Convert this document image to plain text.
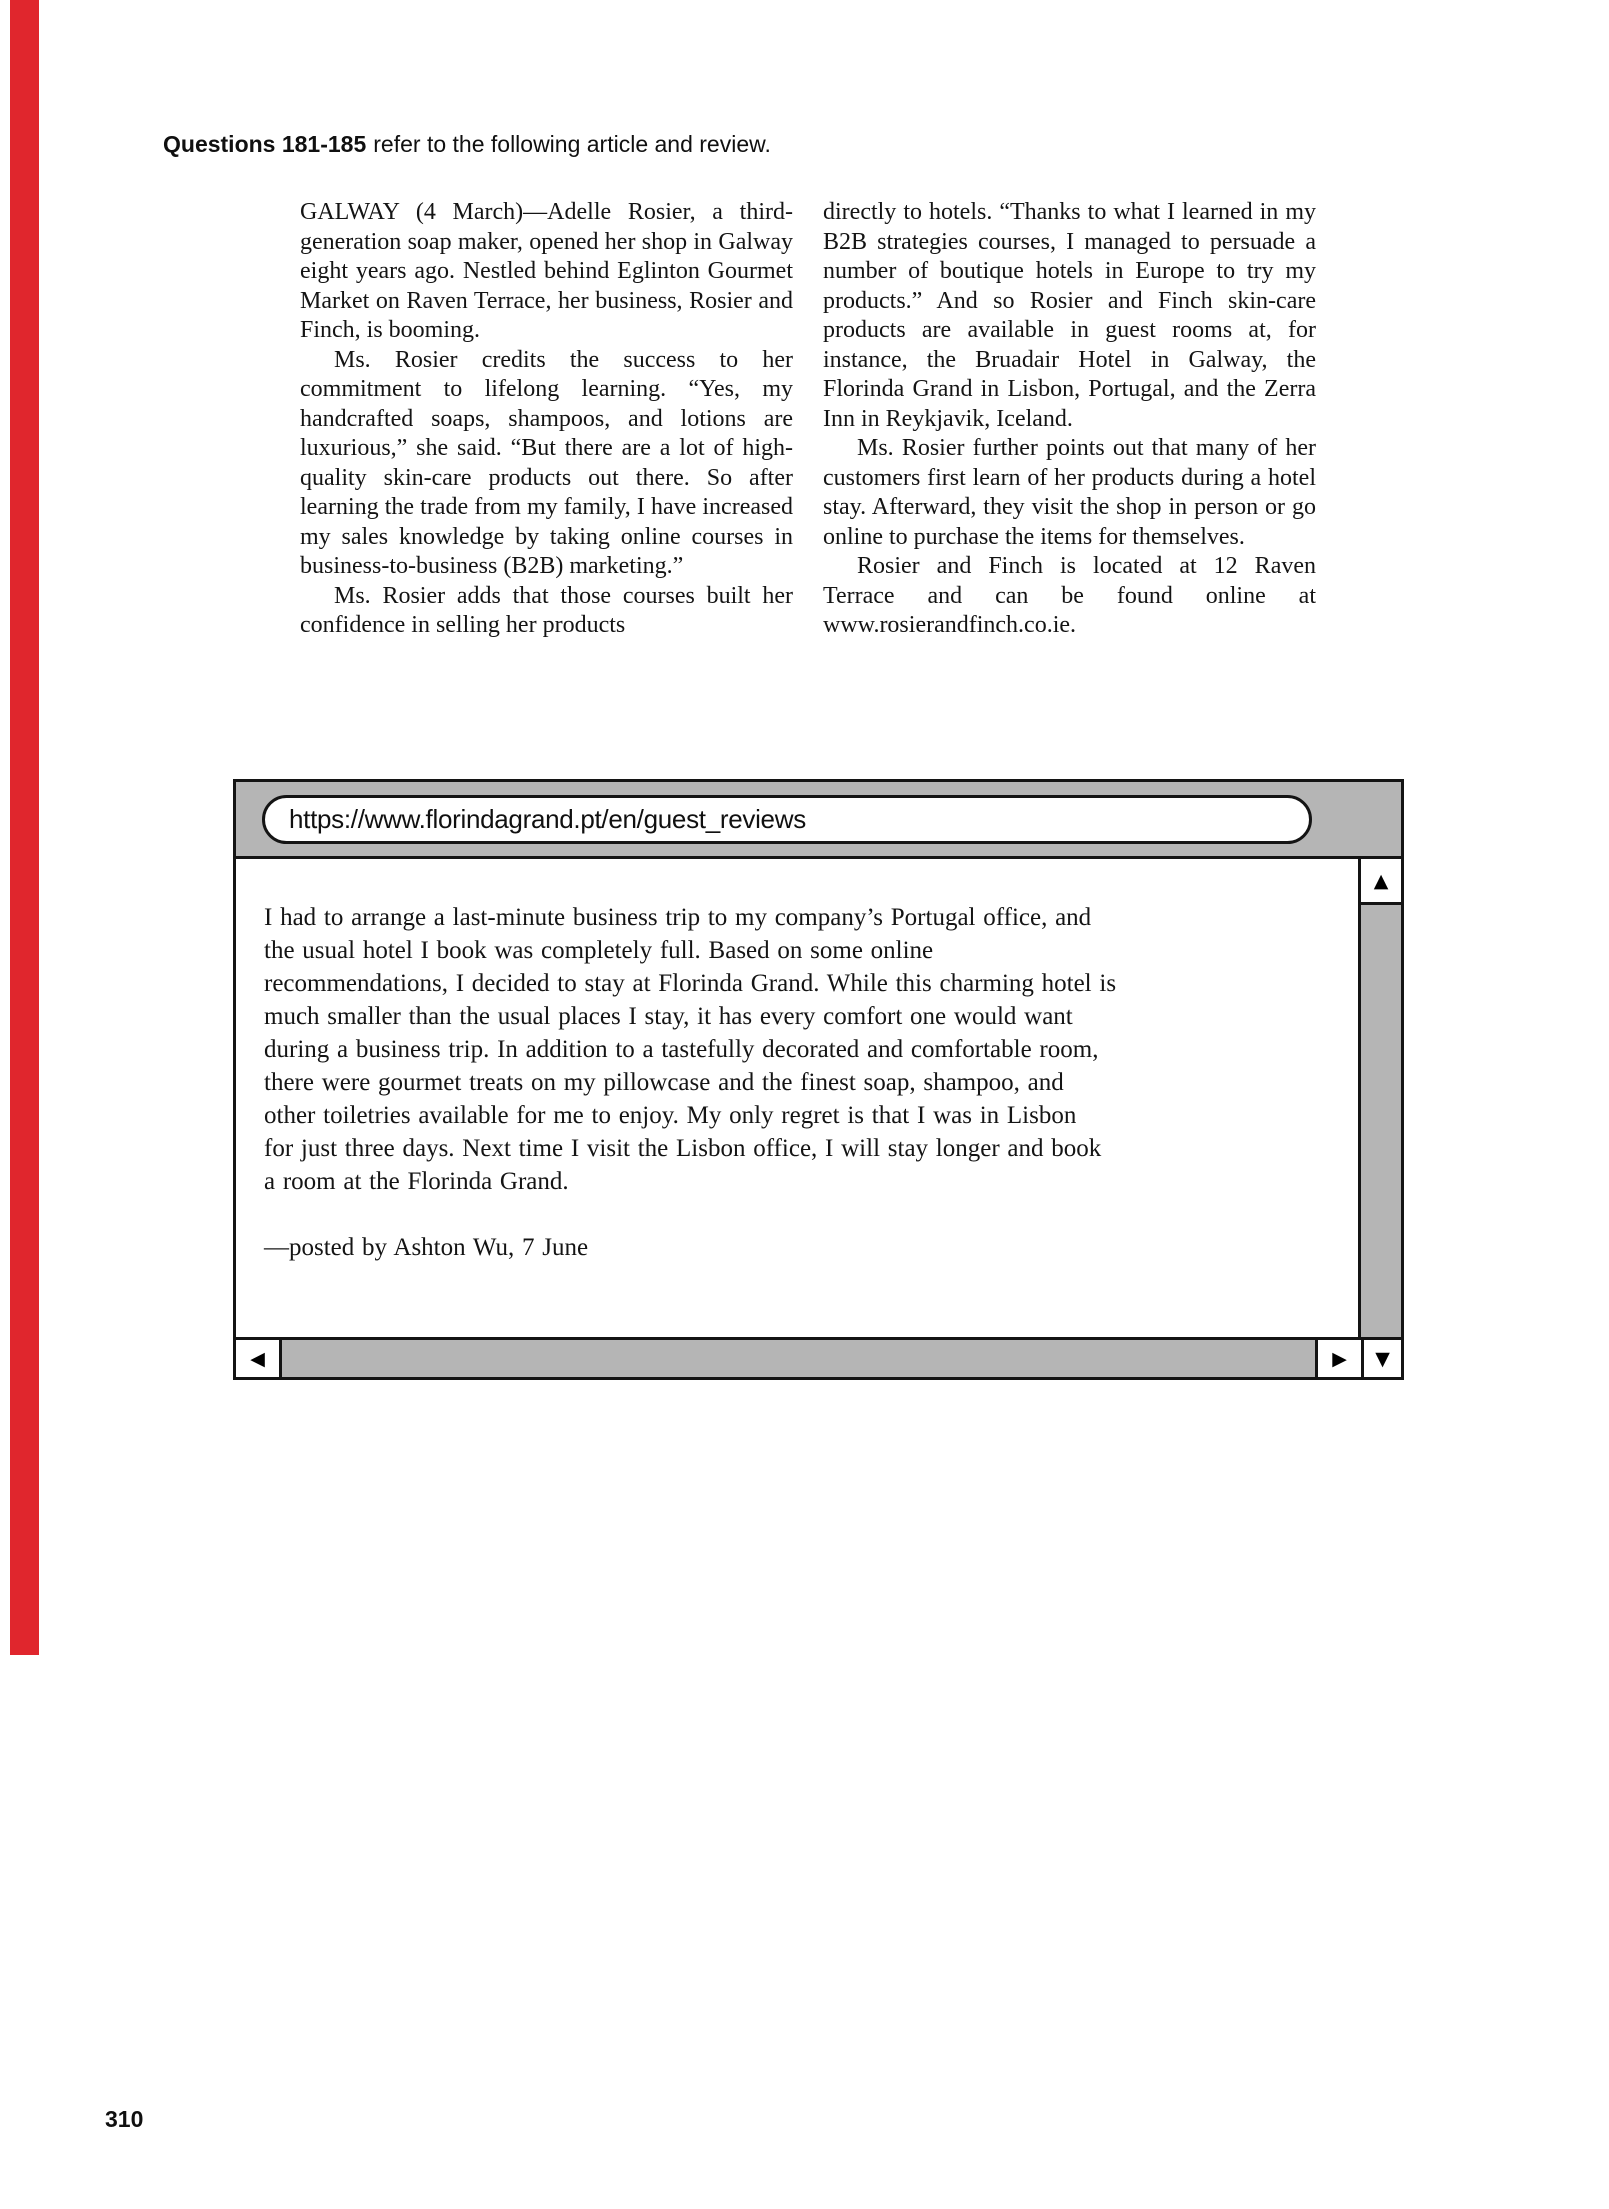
Questions 181-185 refer to the following article and review.

GALWAY (4 March)—Adelle Rosier, a third-generation soap maker, opened her shop in Galway eight years ago. Nestled behind Eglinton Gourmet Market on Raven Terrace, her business, Rosier and Finch, is booming.

Ms. Rosier credits the success to her commitment to lifelong learning. “Yes, my handcrafted soaps, shampoos, and lotions are luxurious,” she said. “But there are a lot of high-quality skin-care products out there. So after learning the trade from my family, I have increased my sales knowledge by taking online courses in business-to-business (B2B) marketing.”

Ms. Rosier adds that those courses built her confidence in selling her products

directly to hotels. “Thanks to what I learned in my B2B strategies courses, I managed to persuade a number of boutique hotels in Europe to try my products.” And so Rosier and Finch skin-care products are available in guest rooms at, for instance, the Bruadair Hotel in Galway, the Florinda Grand in Lisbon, Portugal, and the Zerra Inn in Reykjavik, Iceland.

Ms. Rosier further points out that many of her customers first learn of her products during a hotel stay. Afterward, they visit the shop in person or go online to purchase the items for themselves.

Rosier and Finch is located at 12 Raven Terrace and can be found online at www.rosierandfinch.co.ie.

https://www.florindagrand.pt/en/guest_reviews
I had to arrange a last-minute business trip to my company’s Portugal office, and
the usual hotel I book was completely full. Based on some online
recommendations, I decided to stay at Florinda Grand. While this charming hotel is
much smaller than the usual places I stay, it has every comfort one would want
during a business trip. In addition to a tastefully decorated and comfortable room,
there were gourmet treats on my pillowcase and the finest soap, shampoo, and
other toiletries available for me to enjoy. My only regret is that I was in Lisbon
for just three days. Next time I visit the Lisbon office, I will stay longer and book
a room at the Florinda Grand.
—posted by Ashton Wu, 7 June
▲
◀	▶ ▼
310
